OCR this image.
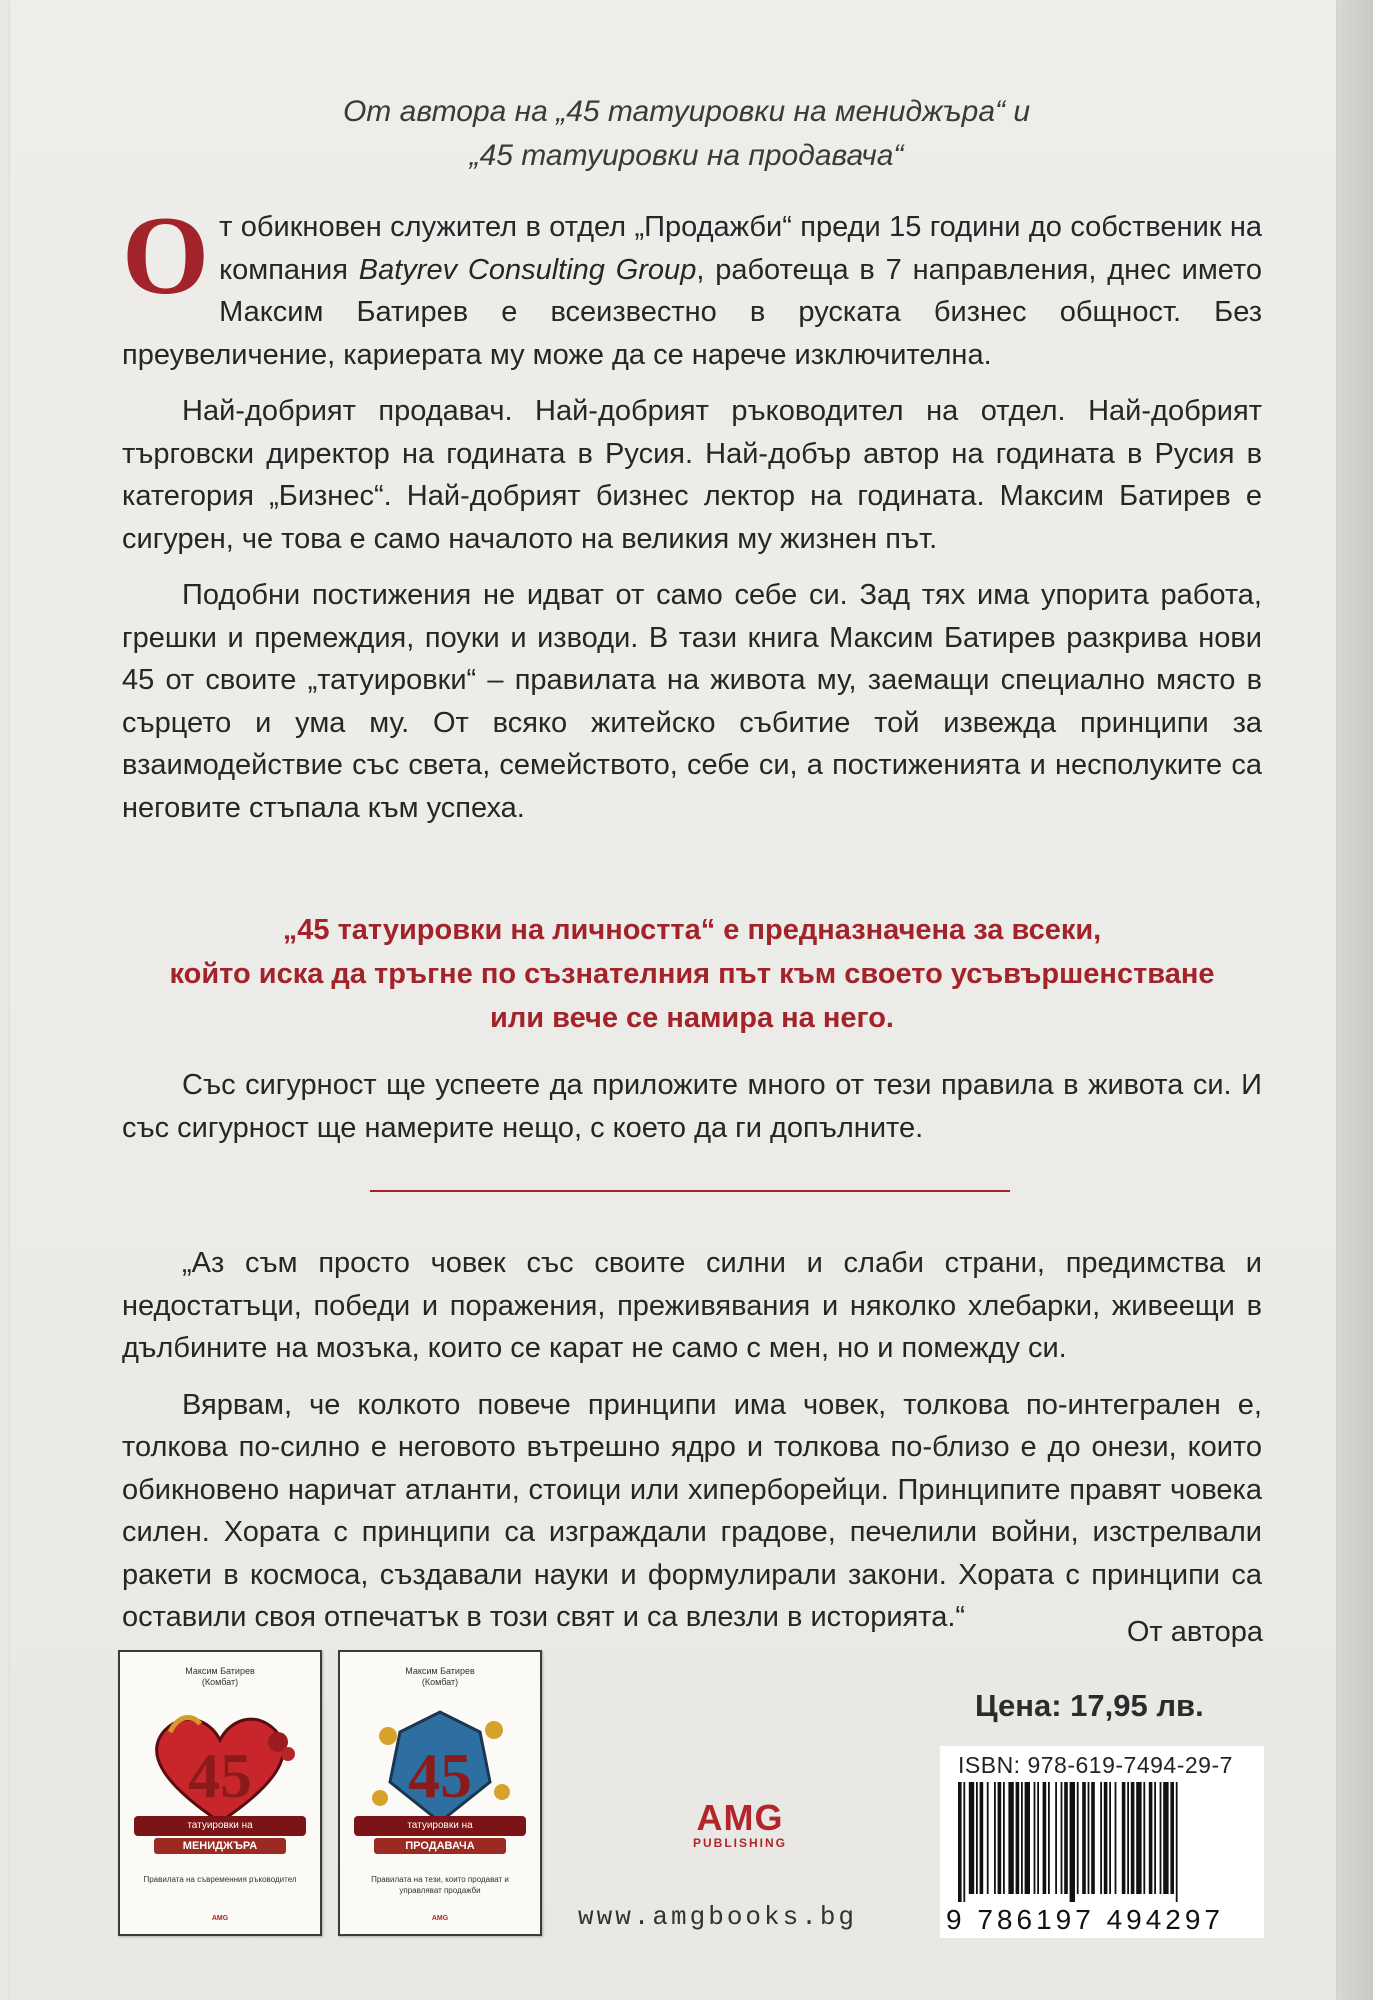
От автора на „45 татуировки на мениджъра“ и
„45 татуировки на продавача“

От обикновен служител в отдел „Продажби“ преди 15 години до собственик на компания Batyrev Consulting Group, работеща в 7 направления, днес името Максим Батирев е всеизвестно в руската бизнес общност. Без преувеличение, кариерата му може да се нарече изключителна.

Най-добрият продавач. Най-добрият ръководител на отдел. Най-добрият търговски директор на годината в Русия. Най-добър автор на годината в Русия в категория „Бизнес“. Най-добрият бизнес лектор на годината. Максим Батирев е сигурен, че това е само началото на великия му жизнен път.

Подобни постижения не идват от само себе си. Зад тях има упорита работа, грешки и премеждия, поуки и изводи. В тази книга Максим Батирев разкрива нови 45 от своите „татуировки“ – правилата на живота му, заемащи специално място в сърцето и ума му. От всяко житейско събитие той извежда принципи за взаимодействие със света, семейството, себе си, а постиженията и несполуките са неговите стъпала към успеха.

„45 татуировки на личността“ е предназначена за всеки,
който иска да тръгне по съзнателния път към своето усъвършенстване
или вече се намира на него.

Със сигурност ще успеете да приложите много от тези правила в живота си. И със сигурност ще намерите нещо, с което да ги допълните.

„Аз съм просто човек със своите силни и слаби страни, предимства и недостатъци, победи и поражения, преживявания и няколко хлебарки, живеещи в дълбините на мозъка, които се карат не само с мен, но и помежду си.

Вярвам, че колкото повече принципи има човек, толкова по-интегрален е, толкова по-силно е неговото вътрешно ядро и толкова по-близо е до онези, които обикновено наричат атланти, стоици или хиперборейци. Принципите правят човека силен. Хората с принципи са изграждали градове, печелили войни, изстрелвали ракети в космоса, създавали науки и формулирали закони. Хората с принципи са оставили своя отпечатък в този свят и са влезли в историята.“	От автора
Максим Батирев
(Комбат)
45
татуировки на
МЕНИДЖЪРА
Правилата на съвременния ръководител
AMG
Максим Батирев
(Комбат)
45
татуировки на
ПРОДАВАЧА
Правилата на тези, които продават и управляват продажби
AMG
AMG
PUBLISHING
www.amgbooks.bg
Цена: 17,95 лв.
ISBN: 978-619-7494-29-7
9 786197 494297
